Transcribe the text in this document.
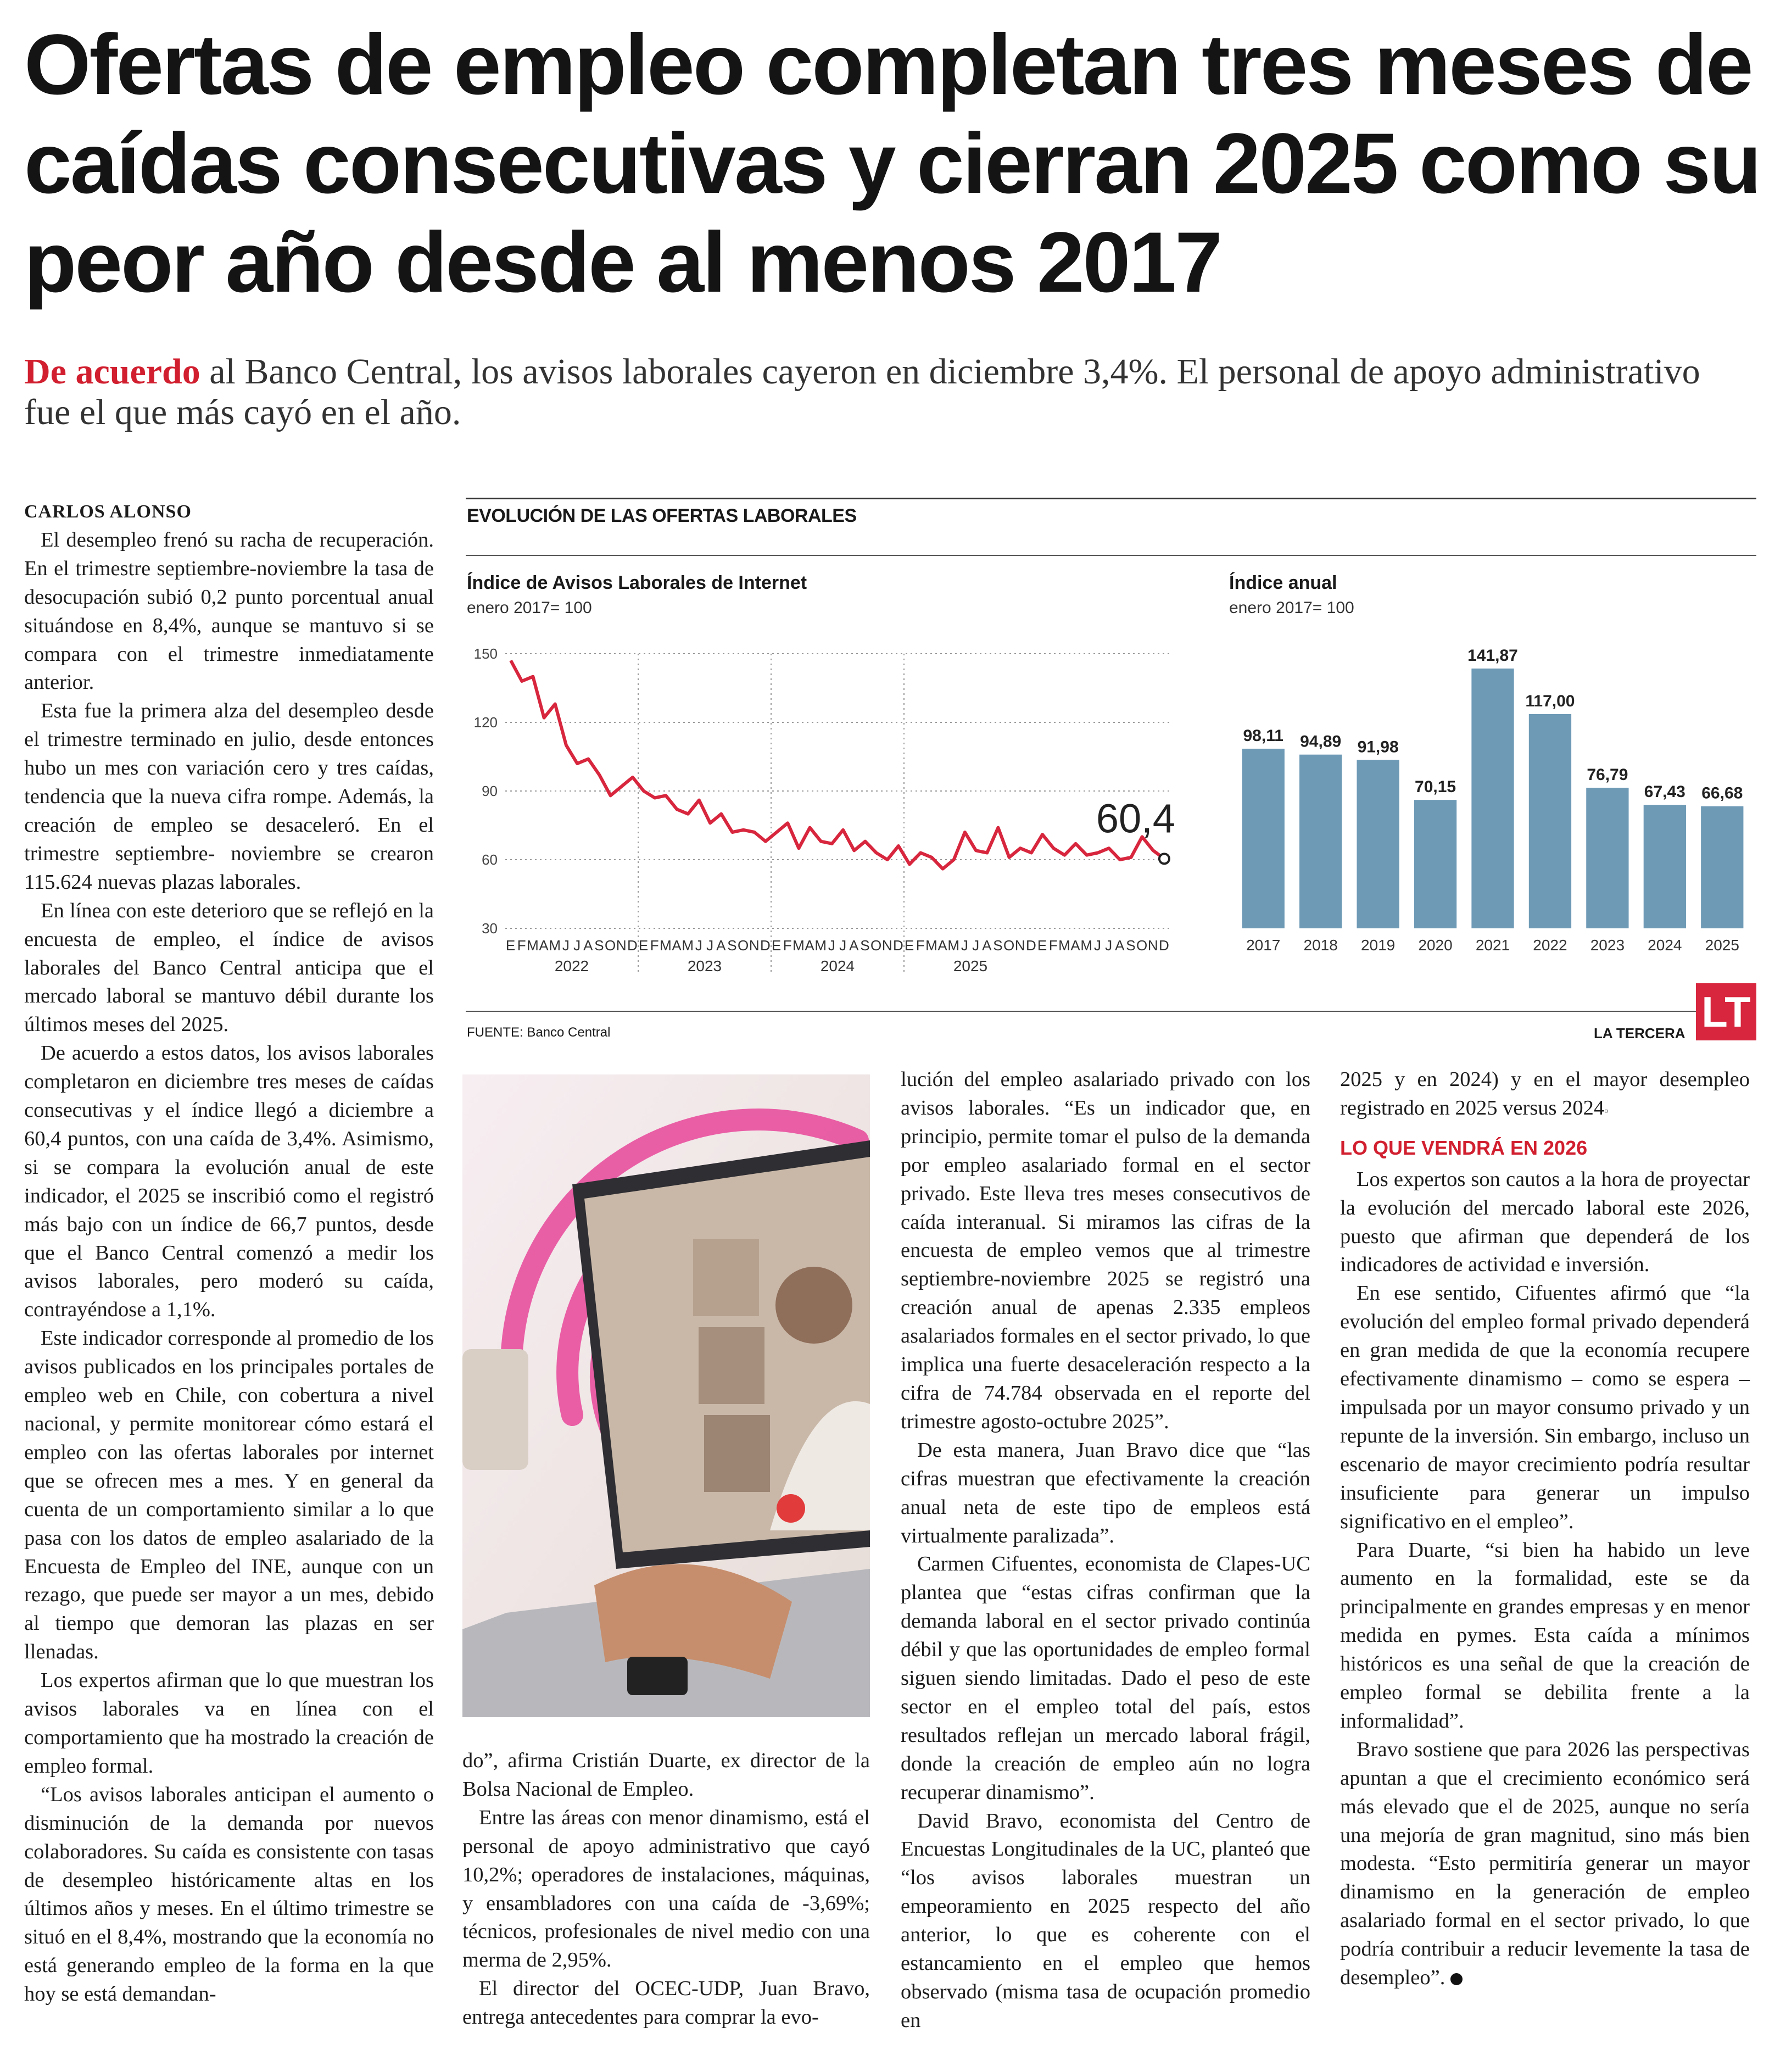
Ofertas de empleo completan tres meses de caídas consecutivas y cierran 2025 como su peor año desde al menos 2017
De acuerdo al Banco Central, los avisos laborales cayeron en diciembre 3,4%. El personal de apoyo administrativo fue el que más cayó en el año.

CARLOS ALONSO

El desempleo frenó su racha de recuperación. En el trimestre septiembre-noviembre la tasa de desocupación subió 0,2 punto porcentual anual situándose en 8,4%, aunque se mantuvo si se compara con el trimestre inmediatamente anterior.

Esta fue la primera alza del desempleo desde el trimestre terminado en julio, desde entonces hubo un mes con variación cero y tres caídas, tendencia que la nueva cifra rompe. Además, la creación de empleo se desaceleró. En el trimestre septiembre- noviembre se crearon 115.624 nuevas plazas laborales.

En línea con este deterioro que se reflejó en la encuesta de empleo, el índice de avisos laborales del Banco Central anticipa que el mercado laboral se mantuvo débil durante los últimos meses del 2025.

De acuerdo a estos datos, los avisos laborales completaron en diciembre tres meses de caídas consecutivas y el índice llegó a diciembre a 60,4 puntos, con una caída de 3,4%. Asimismo, si se compara la evolución anual de este indicador, el 2025 se inscribió como el registró más bajo con un índice de 66,7 puntos, desde que el Banco Central comenzó a medir los avisos laborales, pero moderó su caída, contrayéndose a 1,1%.

Este indicador corresponde al promedio de los avisos publicados en los principales portales de empleo web en Chile, con cobertura a nivel nacional, y permite monitorear cómo estará el empleo con las ofertas laborales por internet que se ofrecen mes a mes. Y en general da cuenta de un comportamiento similar a lo que pasa con los datos de empleo asalariado de la Encuesta de Empleo del INE, aunque con un rezago, que puede ser mayor a un mes, debido al tiempo que demoran las plazas en ser llenadas.

Los expertos afirman que lo que muestran los avisos laborales va en línea con el comportamiento que ha mostrado la creación de empleo formal.

“Los avisos laborales anticipan el aumento o disminución de la demanda por nuevos colaboradores. Su caída es consistente con tasas de desempleo históricamente altas en los últimos años y meses. En el último trimestre se situó en el 8,4%, mostrando que la economía no está generando empleo de la forma en la que hoy se está demandan-

EVOLUCIÓN DE LAS OFERTAS LABORALES
Índice de Avisos Laborales de Internet
enero 2017= 100
150
120
90
60
30
E F M A M J J A S O N D E F M A M J J A S O N D E F M A M J J A S O N D E F M A M J J A S O N D E F M A M J J A S O N D
2022	2023	2024	2025
60,4
Índice anual
enero 2017= 100
98,11
2017
94,89
2018
91,98
2019
70,15
2020
141,87
2021
117,00
2022
76,79
2023
67,43
2024
66,68
2025
FUENTE: Banco Central	LA TERCERA LT

do”, afirma Cristián Duarte, ex director de la Bolsa Nacional de Empleo.

Entre las áreas con menor dinamismo, está el personal de apoyo administrativo que cayó 10,2%; operadores de instalaciones, máquinas, y ensambladores con una caída de -3,69%; técnicos, profesionales de nivel medio con una merma de 2,95%.

El director del OCEC-UDP, Juan Bravo, entrega antecedentes para comprar la evo-

lución del empleo asalariado privado con los avisos laborales. “Es un indicador que, en principio, permite tomar el pulso de la demanda por empleo asalariado formal en el sector privado. Este lleva tres meses consecutivos de caída interanual. Si miramos las cifras de la encuesta de empleo vemos que al trimestre septiembre-noviembre 2025 se registró una creación anual de apenas 2.335 empleos asalariados formales en el sector privado, lo que implica una fuerte desaceleración respecto a la cifra de 74.784 observada en el reporte del trimestre agosto-octubre 2025”.

De esta manera, Juan Bravo dice que “las cifras muestran que efectivamente la creación anual neta de este tipo de empleos está virtualmente paralizada”.

Carmen Cifuentes, economista de Clapes-UC plantea que “estas cifras confirman que la demanda laboral en el sector privado continúa débil y que las oportunidades de empleo formal siguen siendo limitadas. Dado el peso de este sector en el empleo total del país, estos resultados reflejan un mercado laboral frágil, donde la creación de empleo aún no logra recuperar dinamismo”.

David Bravo, economista del Centro de Encuestas Longitudinales de la UC, planteó que “los avisos laborales muestran un empeoramiento en 2025 respecto del año anterior, lo que es coherente con el estancamiento en el empleo que hemos observado (misma tasa de ocupación promedio en

2025 y en 2024) y en el mayor desempleo registrado en 2025 versus 2024▫

LO QUE VENDRÁ EN 2026

Los expertos son cautos a la hora de proyectar la evolución del mercado laboral este 2026, puesto que afirman que dependerá de los indicadores de actividad e inversión.

En ese sentido, Cifuentes afirmó que “la evolución del empleo formal privado dependerá en gran medida de que la economía recupere efectivamente dinamismo – como se espera – impulsada por un mayor consumo privado y un repunte de la inversión. Sin embargo, incluso un escenario de mayor crecimiento podría resultar insuficiente para generar un impulso significativo en el empleo”.

Para Duarte, “si bien ha habido un leve aumento en la formalidad, este se da principalmente en grandes empresas y en menor medida en pymes. Esta caída a mínimos históricos es una señal de que la creación de empleo formal se debilita frente a la informalidad”.

Bravo sostiene que para 2026 las perspectivas apuntan a que el crecimiento económico será más elevado que el de 2025, aunque no sería una mejoría de gran magnitud, sino más bien modesta. “Esto permitiría generar un mayor dinamismo en la generación de empleo asalariado formal en el sector privado, lo que podría contribuir a reducir levemente la tasa de desempleo”.	P
